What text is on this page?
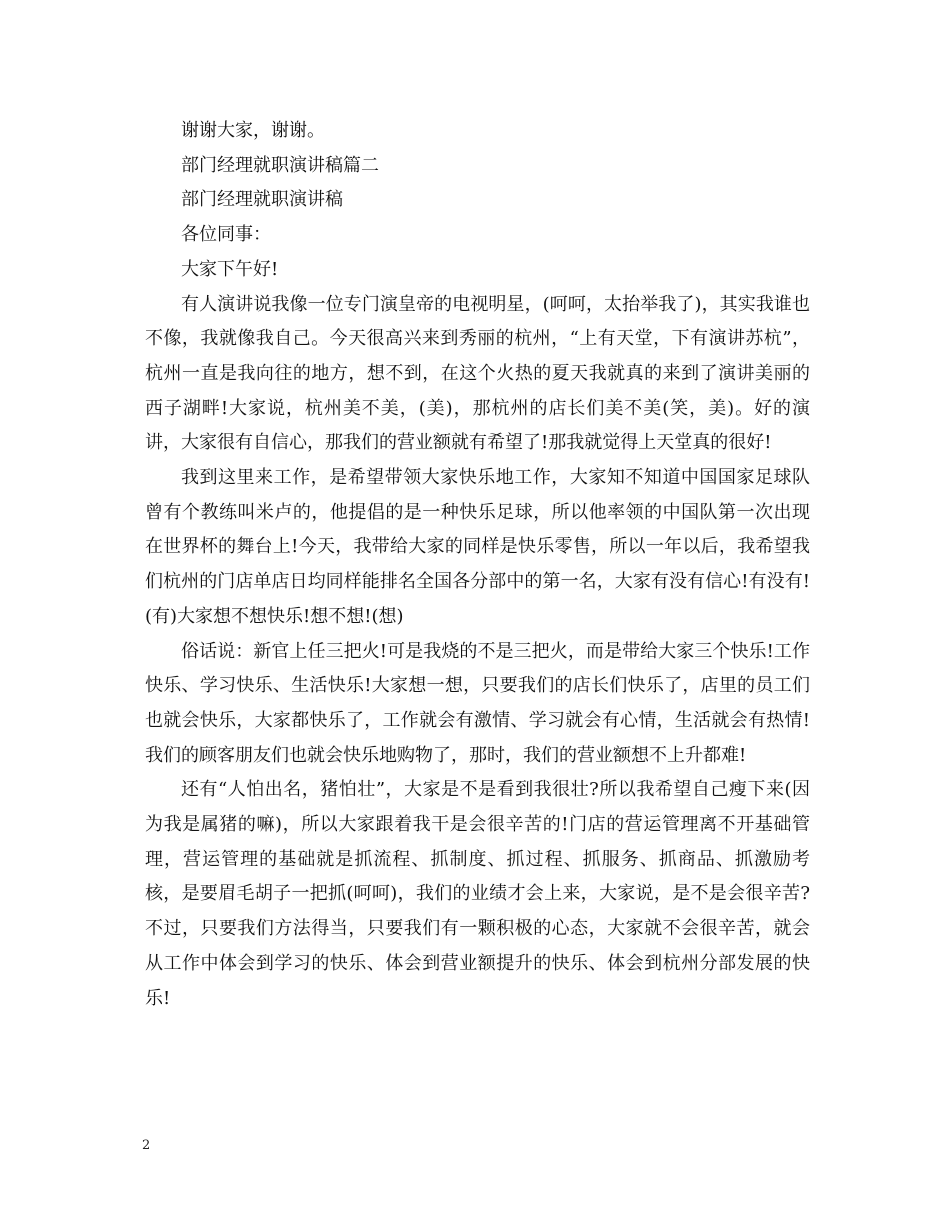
谢谢大家，谢谢。

部门经理就职演讲稿篇二

部门经理就职演讲稿

各位同事：

大家下午好!

有人演讲说我像一位专门演皇帝的电视明星，(呵呵，太抬举我了)，其实我谁也不像，我就像我自己。今天很高兴来到秀丽的杭州，“上有天堂，下有演讲苏杭”，杭州一直是我向往的地方，想不到，在这个火热的夏天我就真的来到了演讲美丽的西子湖畔!大家说，杭州美不美，(美)，那杭州的店长们美不美(笑，美)。好的演讲，大家很有自信心，那我们的营业额就有希望了!那我就觉得上天堂真的很好!

我到这里来工作，是希望带领大家快乐地工作，大家知不知道中国国家足球队曾有个教练叫米卢的，他提倡的是一种快乐足球，所以他率领的中国队第一次出现在世界杯的舞台上!今天，我带给大家的同样是快乐零售，所以一年以后，我希望我们杭州的门店单店日均同样能排名全国各分部中的第一名，大家有没有信心!有没有!(有)大家想不想快乐!想不想!(想)

俗话说：新官上任三把火!可是我烧的不是三把火，而是带给大家三个快乐!工作快乐、学习快乐、生活快乐!大家想一想，只要我们的店长们快乐了，店里的员工们也就会快乐，大家都快乐了，工作就会有激情、学习就会有心情，生活就会有热情!我们的顾客朋友们也就会快乐地购物了，那时，我们的营业额想不上升都难!

还有“人怕出名，猪怕壮”，大家是不是看到我很壮?所以我希望自己瘦下来(因为我是属猪的嘛)，所以大家跟着我干是会很辛苦的!门店的营运管理离不开基础管理，营运管理的基础就是抓流程、抓制度、抓过程、抓服务、抓商品、抓激励考核，是要眉毛胡子一把抓(呵呵)，我们的业绩才会上来，大家说，是不是会很辛苦?不过，只要我们方法得当，只要我们有一颗积极的心态，大家就不会很辛苦，就会从工作中体会到学习的快乐、体会到营业额提升的快乐、体会到杭州分部发展的快乐!

2
